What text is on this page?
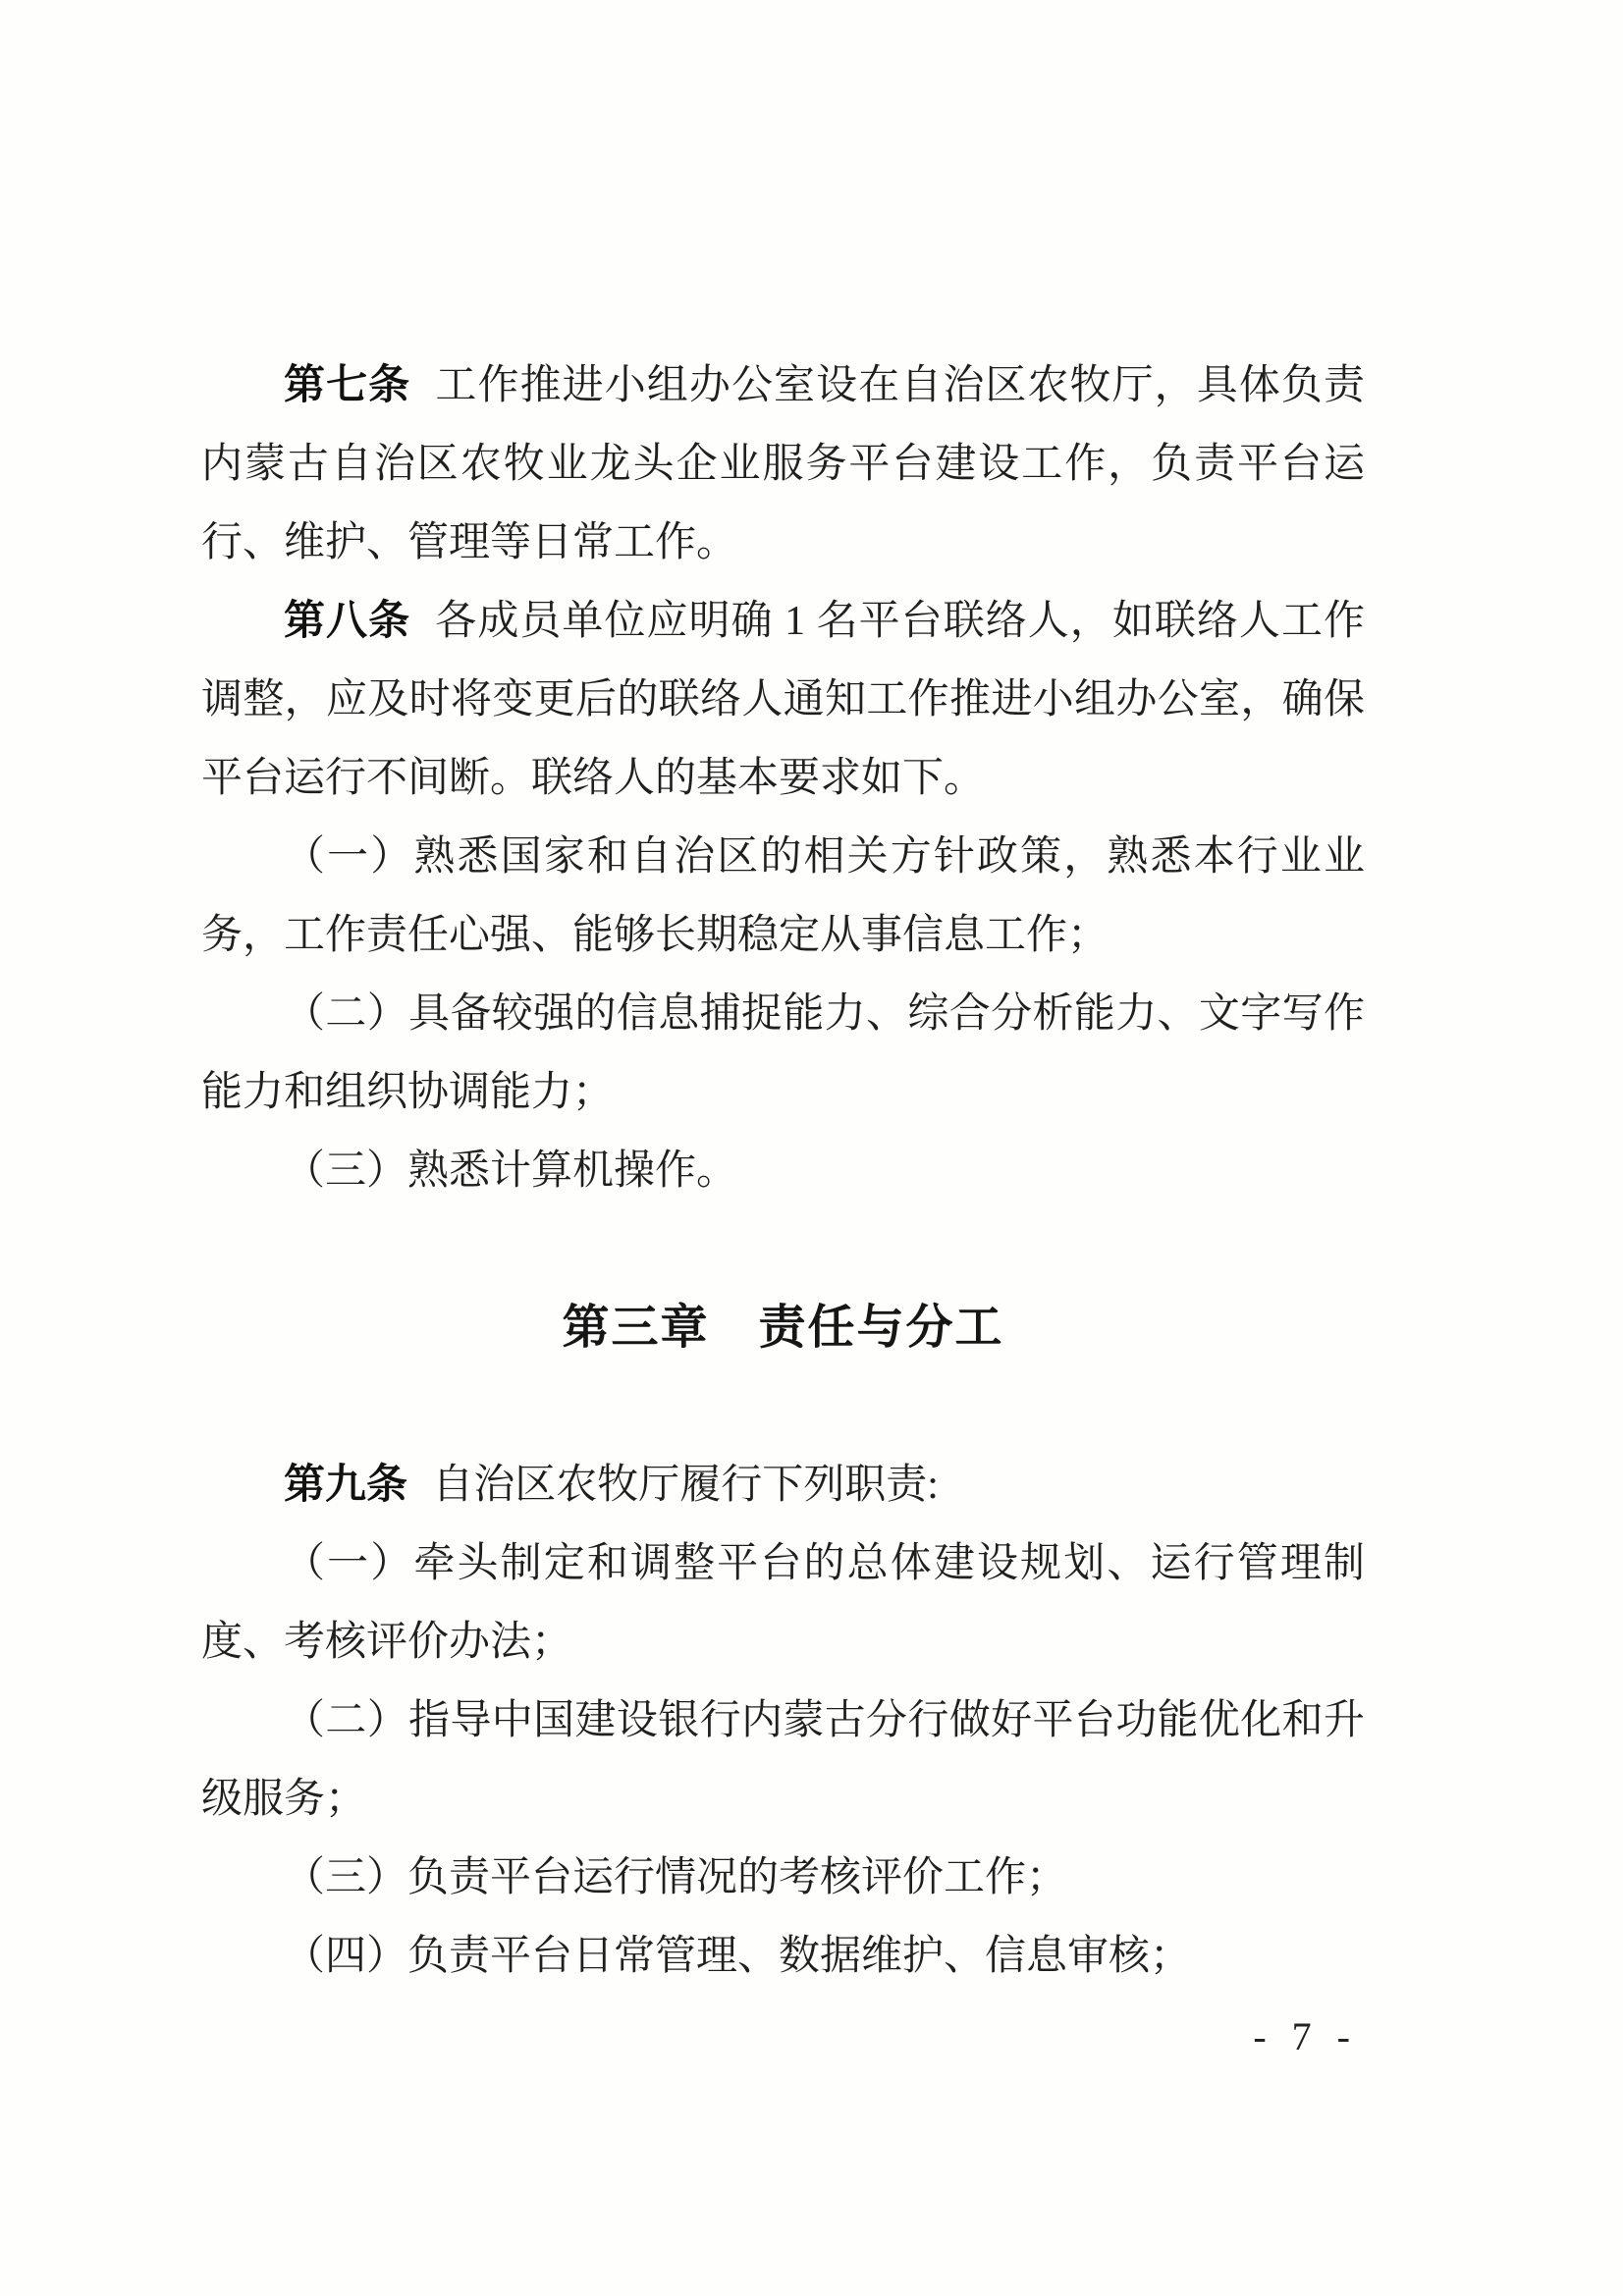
第七条 工作推进小组办公室设在自治区农牧厅，具体负责内蒙古自治区农牧业龙头企业服务平台建设工作，负责平台运行、维护、管理等日常工作。

第八条 各成员单位应明确 1 名平台联络人，如联络人工作调整，应及时将变更后的联络人通知工作推进小组办公室，确保平台运行不间断。联络人的基本要求如下。

（一）熟悉国家和自治区的相关方针政策，熟悉本行业业务，工作责任心强、能够长期稳定从事信息工作；

（二）具备较强的信息捕捉能力、综合分析能力、文字写作能力和组织协调能力；

（三）熟悉计算机操作。

第三章　责任与分工

第九条 自治区农牧厅履行下列职责:

（一）牵头制定和调整平台的总体建设规划、运行管理制度、考核评价办法；

（二）指导中国建设银行内蒙古分行做好平台功能优化和升级服务；

（三）负责平台运行情况的考核评价工作；

（四）负责平台日常管理、数据维护、信息审核；

- 7 -
